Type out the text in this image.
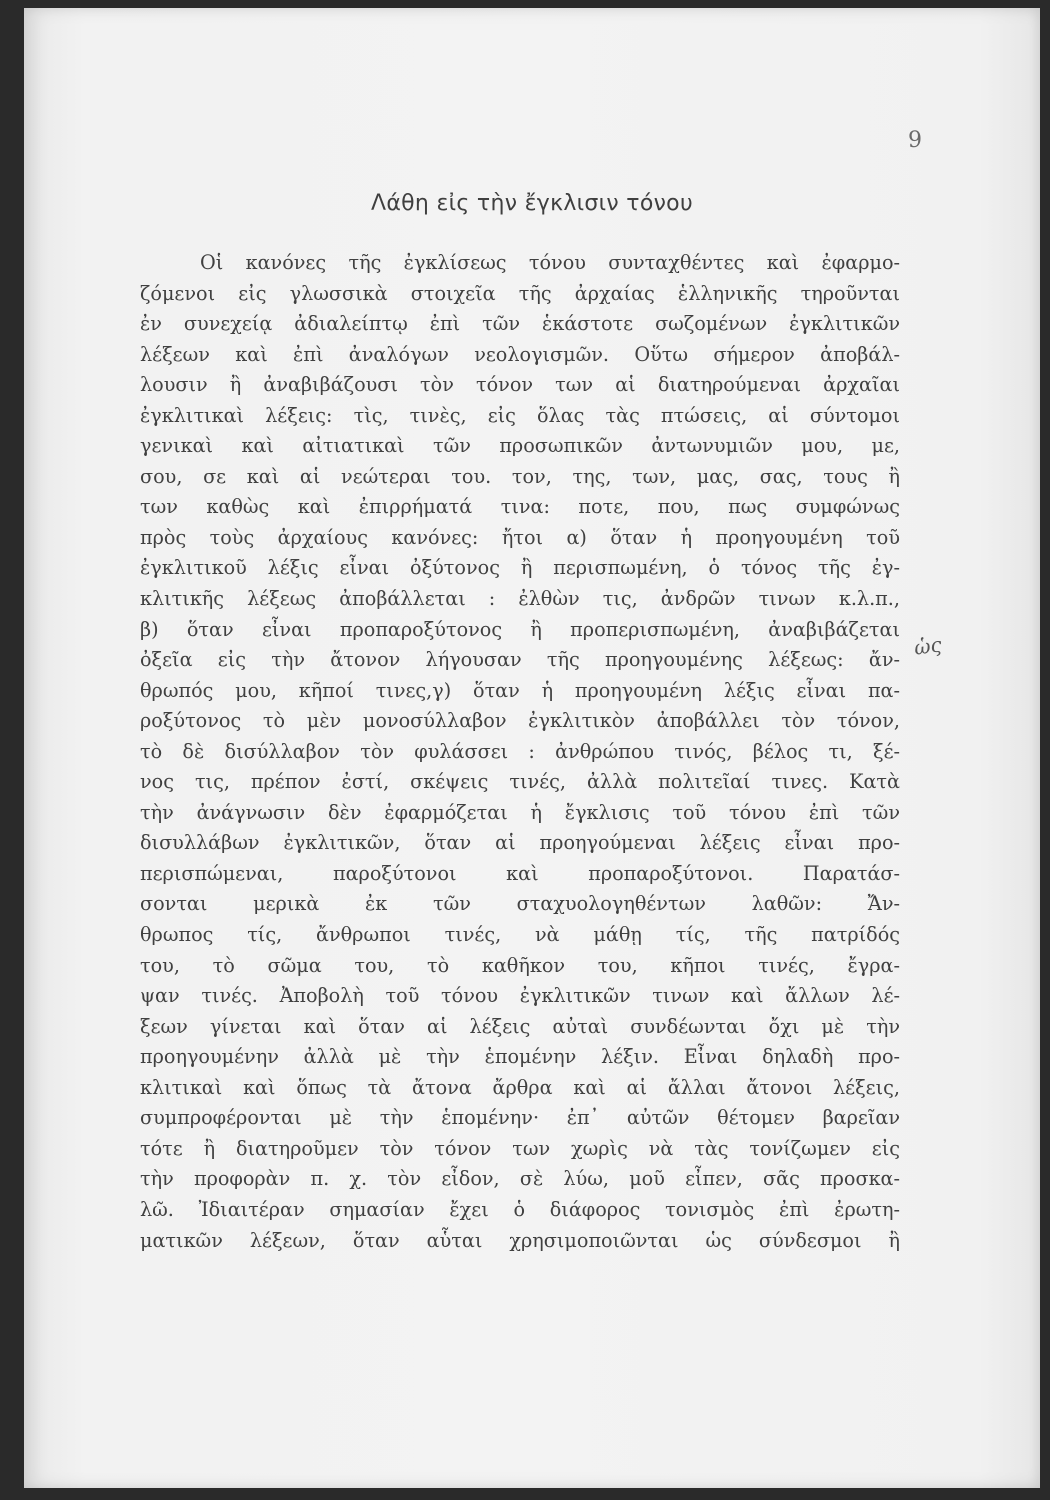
9
Λάθη εἰς τὴν ἔγκλισιν τόνου
Οἱ κανόνες τῆς ἐγκλίσεως τόνου συνταχθέντες καὶ ἐφαρμο-
ζόμενοι εἰς γλωσσικὰ στοιχεῖα τῆς ἀρχαίας ἑλληνικῆς τηροῦνται
ἐν συνεχείᾳ ἀδιαλείπτῳ ἐπὶ τῶν ἑκάστοτε σωζομένων ἐγκλιτικῶν
λέξεων καὶ ἐπὶ ἀναλόγων νεολογισμῶν. Οὕτω σήμερον ἀποβάλ-
λουσιν ἢ ἀναβιβάζουσι τὸν τόνον των αἱ διατηρούμεναι ἀρχαῖαι
ἐγκλιτικαὶ λέξεις: τὶς, τινὲς, εἰς ὅλας τὰς πτώσεις, αἱ σύντομοι
γενικαὶ καὶ αἰτιατικαὶ τῶν προσωπικῶν ἀντωνυμιῶν μου, με,
σου, σε καὶ αἱ νεώτεραι του. τον, της, των, μας, σας, τους ἢ
των καθὼς καὶ ἐπιρρήματά τινα: ποτε, που, πως συμφώνως
πρὸς τοὺς ἀρχαίους κανόνες: ἤτοι α) ὅταν ἡ προηγουμένη τοῦ
ἐγκλιτικοῦ λέξις εἶναι ὀξύτονος ἢ περισπωμένη, ὁ τόνος τῆς ἐγ-
κλιτικῆς λέξεως ἀποβάλλεται : ἐλθὼν τις, ἀνδρῶν τινων κ.λ.π.,
β) ὅταν εἶναι προπαροξύτονος ἢ προπερισπωμένη, ἀναβιβάζεται
ὀξεῖα εἰς τὴν ἄτονον λήγουσαν τῆς προηγουμένης λέξεως: ἄν-
θρωπός μου, κῆποί τινες,γ) ὅταν ἡ προηγουμένη λέξις εἶναι πα-
ροξύτονος τὸ μὲν μονοσύλλαβον ἐγκλιτικὸν ἀποβάλλει τὸν τόνον,
τὸ δὲ δισύλλαβον τὸν φυλάσσει : ἀνθρώπου τινός, βέλος τι, ξέ-
νος τις, πρέπον ἐστί, σκέψεις τινές, ἀλλὰ πολιτεῖαί τινες. Κατὰ
τὴν ἀνάγνωσιν δὲν ἐφαρμόζεται ἡ ἔγκλισις τοῦ τόνου ἐπὶ τῶν
δισυλλάβων ἐγκλιτικῶν, ὅταν αἱ προηγούμεναι λέξεις εἶναι προ-
περισπώμεναι, παροξύτονοι καὶ προπαροξύτονοι. Παρατάσ-
σονται μερικὰ ἐκ τῶν σταχυολογηθέντων λαθῶν: Ἄν-
θρωπος τίς, ἄνθρωποι τινές, νὰ μάθῃ τίς, τῆς πατρίδός
του, τὸ σῶμα του, τὸ καθῆκον του, κῆποι τινές, ἔγρα-
ψαν τινές. Ἀποβολὴ τοῦ τόνου ἐγκλιτικῶν τινων καὶ ἄλλων λέ-
ξεων γίνεται καὶ ὅταν αἱ λέξεις αὐταὶ συνδέωνται ὄχι μὲ τὴν
προηγουμένην ἀλλὰ μὲ τὴν ἑπομένην λέξιν. Εἶναι δηλαδὴ προ-
κλιτικαὶ καὶ ὅπως τὰ ἄτονα ἄρθρα καὶ αἱ ἄλλαι ἄτονοι λέξεις,
συμπροφέρονται μὲ τὴν ἑπομένην· ἐπ᾽ αὐτῶν θέτομεν βαρεῖαν
τότε ἢ διατηροῦμεν τὸν τόνον των χωρὶς νὰ τὰς τονίζωμεν εἰς
τὴν προφορὰν π. χ. τὸν εἶδον, σὲ λύω, μοῦ εἶπεν, σᾶς προσκα-
λῶ. Ἰδιαιτέραν σημασίαν ἔχει ὁ διάφορος τονισμὸς ἐπὶ ἐρωτη-
ματικῶν λέξεων, ὅταν αὗται χρησιμοποιῶνται ὡς σύνδεσμοι ἢ
ὡς
